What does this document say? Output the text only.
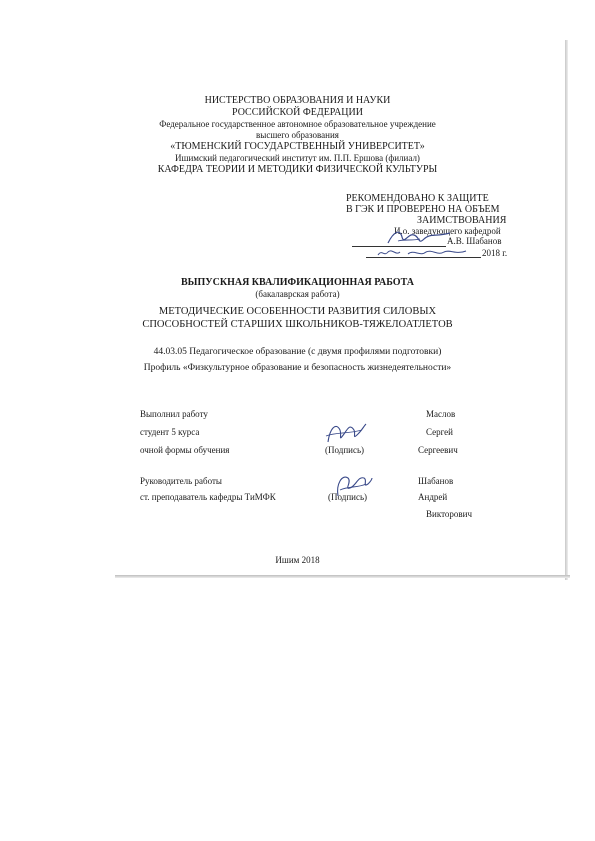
НИСТЕРСТВО ОБРАЗОВАНИЯ И НАУКИ
РОССИЙСКОЙ ФЕДЕРАЦИИ
Федеральное государственное автономное образовательное учреждение
высшего образования
«ТЮМЕНСКИЙ ГОСУДАРСТВЕННЫЙ УНИВЕРСИТЕТ»
Ишимский педагогический институт им. П.П. Ершова (филиал)
КАФЕДРА ТЕОРИИ И МЕТОДИКИ ФИЗИЧЕСКОЙ КУЛЬТУРЫ
РЕКОМЕНДОВАНО К ЗАЩИТЕ
В ГЭК И ПРОВЕРЕНО НА ОБЪЕМ
ЗАИМСТВОВАНИЯ
И.о. заведующего кафедрой
А.В. Шабанов
2018 г.
ВЫПУСКНАЯ КВАЛИФИКАЦИОННАЯ РАБОТА
(бакалаврская работа)
МЕТОДИЧЕСКИЕ ОСОБЕННОСТИ РАЗВИТИЯ СИЛОВЫХ
СПОСОБНОСТЕЙ СТАРШИХ ШКОЛЬНИКОВ-ТЯЖЕЛОАТЛЕТОВ
44.03.05 Педагогическое образование (с двумя профилями подготовки)
Профиль «Физкультурное образование и безопасность жизнедеятельности»
Выполнил работу
студент 5 курса
очной формы обучения	(Подпись)
Маслов
Сергей
Сергеевич
Руководитель работы
ст. преподаватель кафедры ТиМФК	(Подпись)
Шабанов
Андрей
Викторович
Ишим 2018
